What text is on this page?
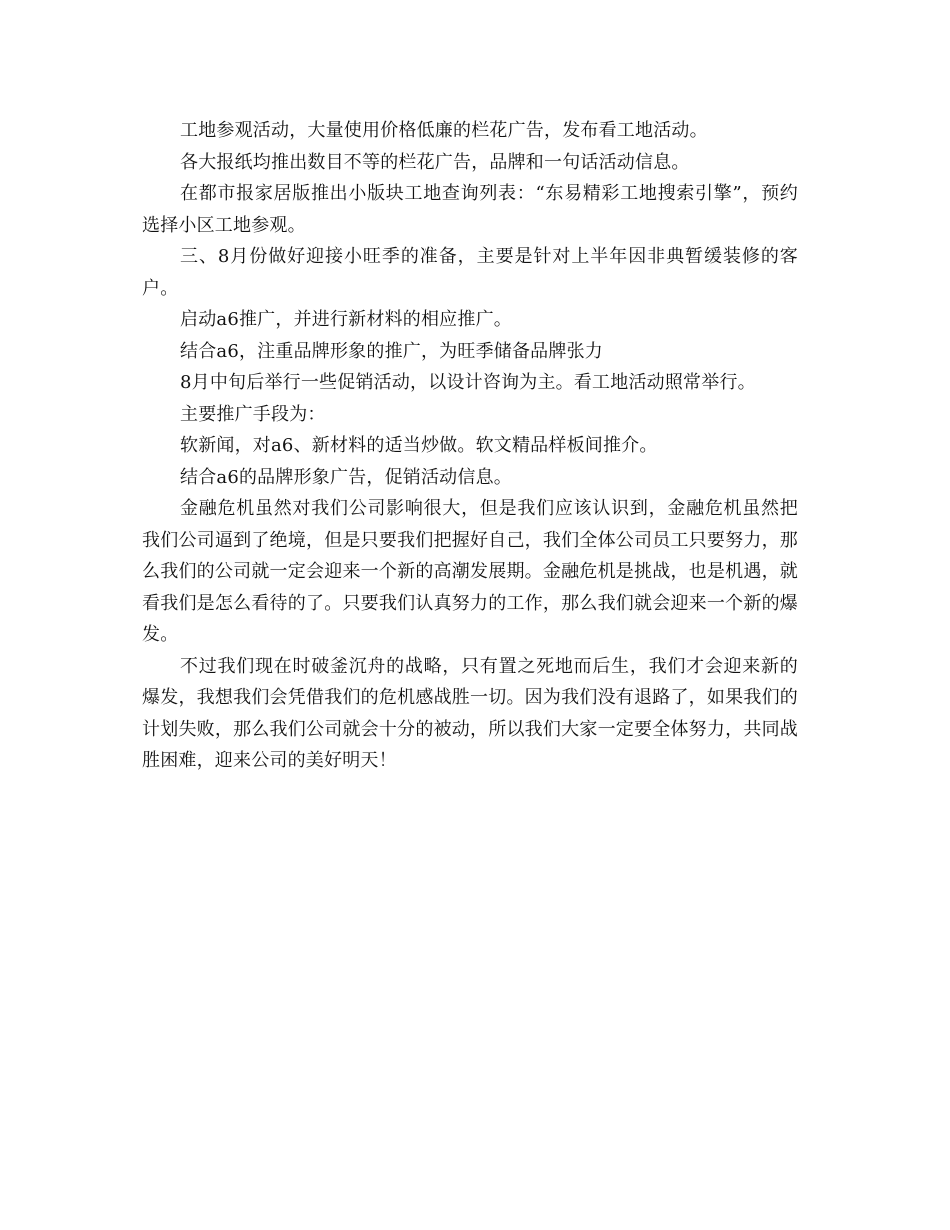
工地参观活动，大量使用价格低廉的栏花广告，发布看工地活动。

各大报纸均推出数目不等的栏花广告，品牌和一句话活动信息。

在都市报家居版推出小版块工地查询列表：“东易精彩工地搜索引擎”，预约选择小区工地参观。

三、8月份做好迎接小旺季的准备，主要是针对上半年因非典暂缓装修的客户。

启动a6推广，并进行新材料的相应推广。

结合a6，注重品牌形象的推广，为旺季储备品牌张力

8月中旬后举行一些促销活动，以设计咨询为主。看工地活动照常举行。

主要推广手段为：

软新闻，对a6、新材料的适当炒做。软文精品样板间推介。

结合a6的品牌形象广告，促销活动信息。

金融危机虽然对我们公司影响很大，但是我们应该认识到，金融危机虽然把我们公司逼到了绝境，但是只要我们把握好自己，我们全体公司员工只要努力，那么我们的公司就一定会迎来一个新的高潮发展期。金融危机是挑战，也是机遇，就看我们是怎么看待的了。只要我们认真努力的工作，那么我们就会迎来一个新的爆发。

不过我们现在时破釜沉舟的战略，只有置之死地而后生，我们才会迎来新的爆发，我想我们会凭借我们的危机感战胜一切。因为我们没有退路了，如果我们的计划失败，那么我们公司就会十分的被动，所以我们大家一定要全体努力，共同战胜困难，迎来公司的美好明天！
